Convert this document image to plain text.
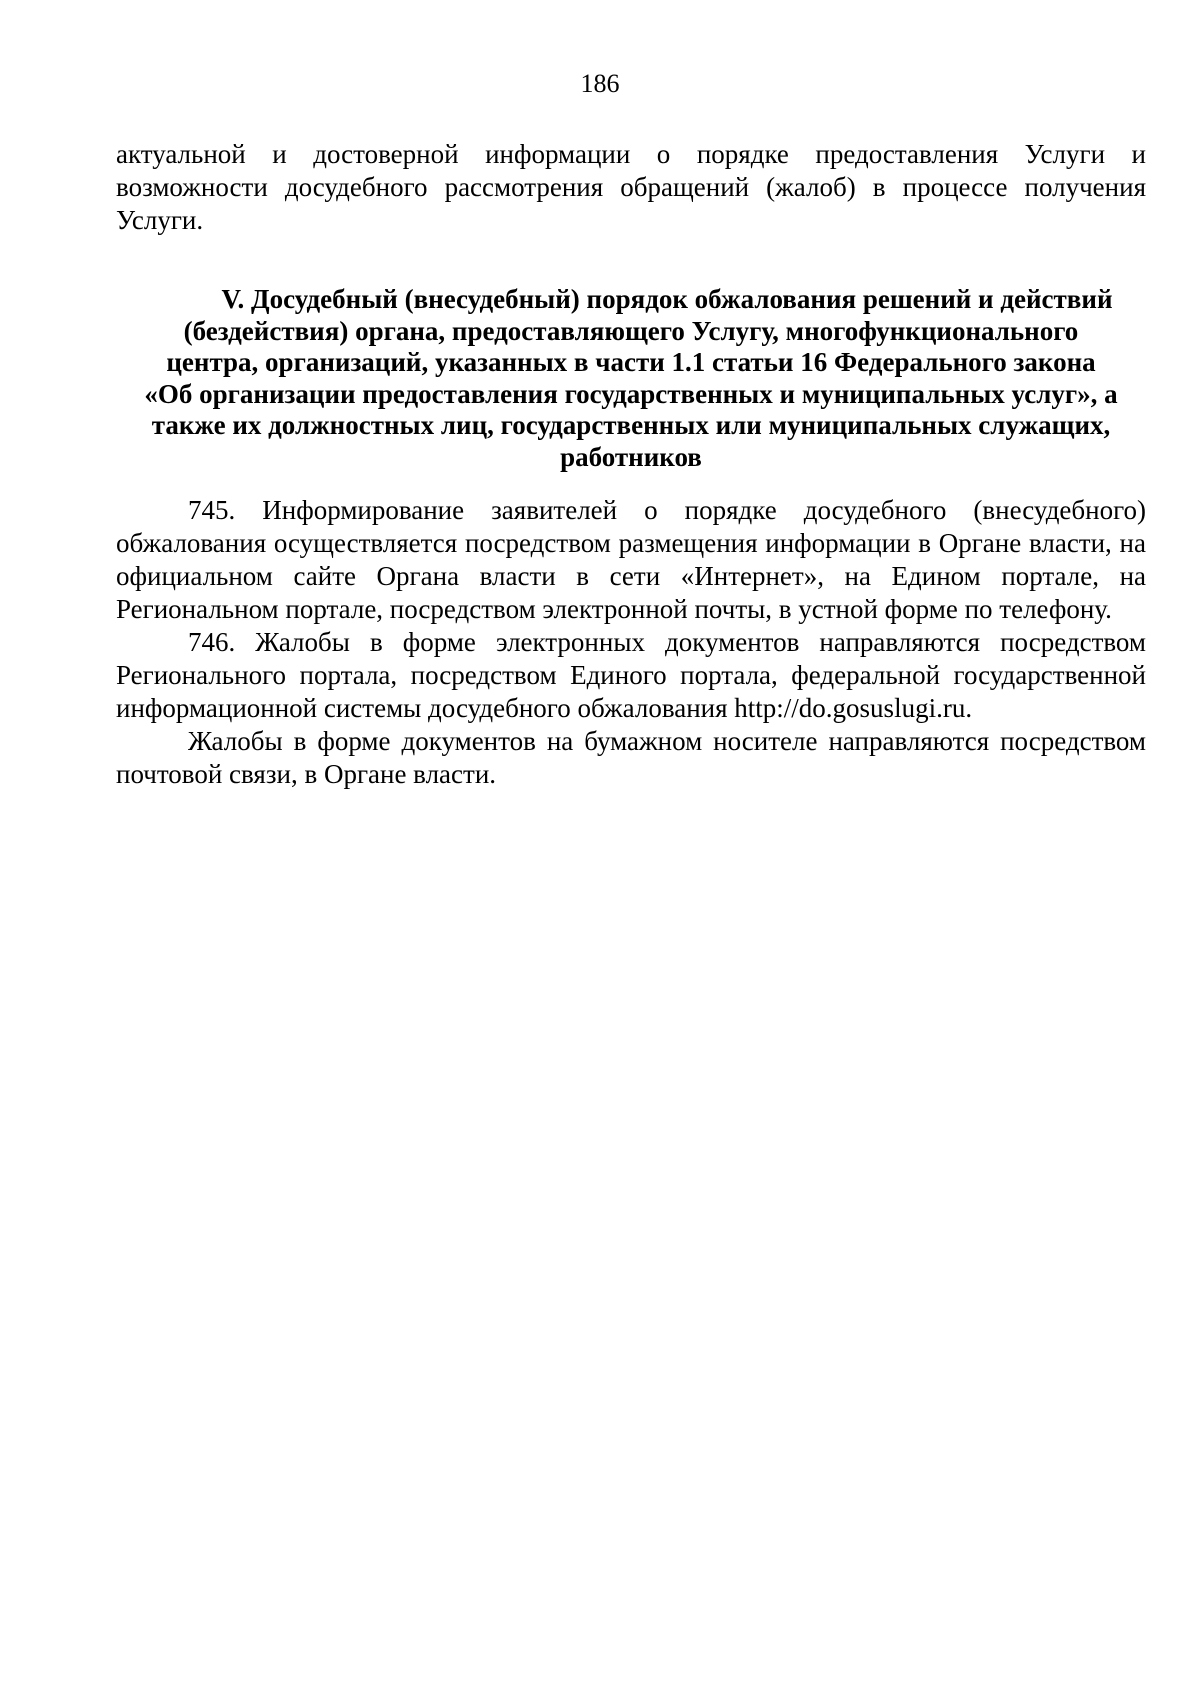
186

актуальной и достоверной информации о порядке предоставления Услуги и возможности досудебного рассмотрения обращений (жалоб) в процессе получения Услуги.

V. Досудебный (внесудебный) порядок обжалования решений и действий
(бездействия) органа, предоставляющего Услугу, многофункционального
центра, организаций, указанных в части 1.1 статьи 16 Федерального закона
«Об организации предоставления государственных и муниципальных услуг», а
также их должностных лиц, государственных или муниципальных служащих,
работников

745. Информирование заявителей о порядке досудебного (внесудебного) обжалования осуществляется посредством размещения информации в Органе власти, на официальном сайте Органа власти в сети «Интернет», на Едином портале, на Региональном портале, посредством электронной почты, в устной форме по телефону.

746. Жалобы в форме электронных документов направляются посредством Регионального портала, посредством Единого портала, федеральной государственной информационной системы досудебного обжалования http://do.gosuslugi.ru.

Жалобы в форме документов на бумажном носителе направляются посредством почтовой связи, в Органе власти.
